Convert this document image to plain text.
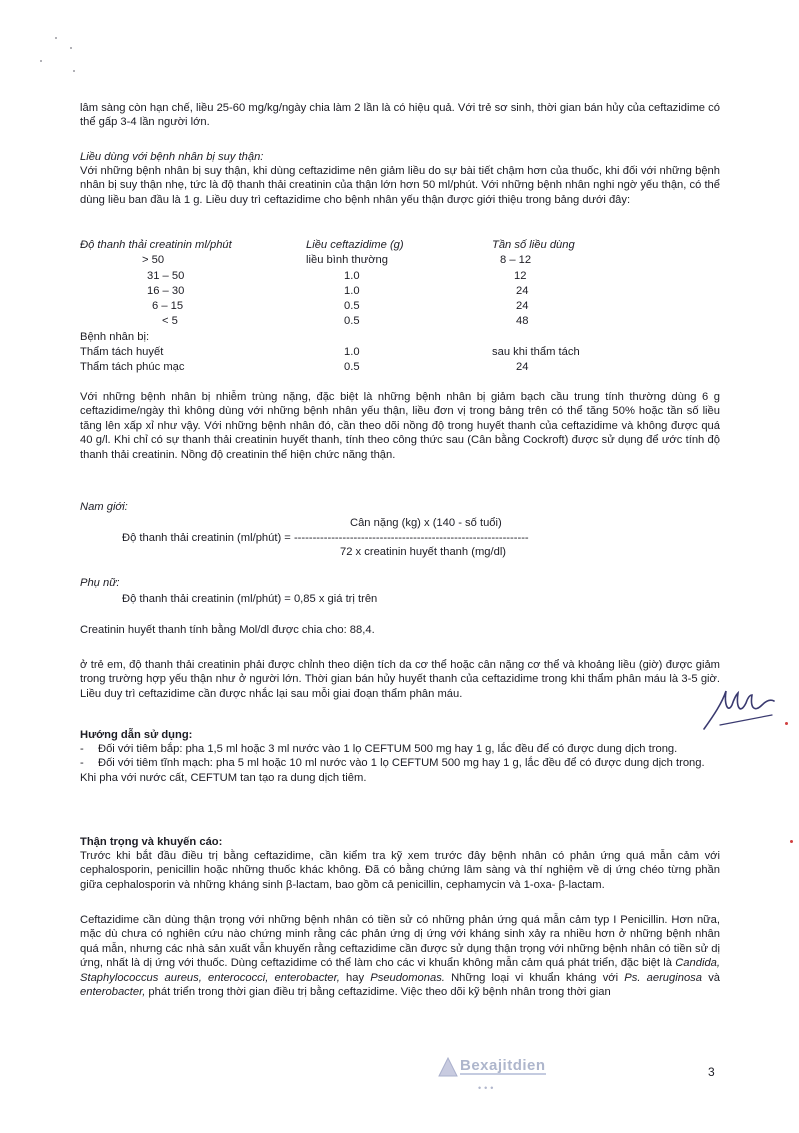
lâm sàng còn hạn chế, liều 25-60 mg/kg/ngày chia làm 2 lần là có hiệu quả. Với trẻ sơ sinh, thời gian bán hủy của ceftazidime có thể gấp 3-4 lần người lớn.

Liều dùng với bệnh nhân bị suy thận:

Với những bệnh nhân bị suy thận, khi dùng ceftazidime nên giảm liều do sự bài tiết chậm hơn của thuốc, khi đối với những bệnh nhân bị suy thận nhẹ, tức là độ thanh thải creatinin của thận lớn hơn 50 ml/phút. Với những bệnh nhân nghi ngờ yếu thận, có thể dùng liều ban đầu là 1 g. Liều duy trì ceftazidime cho bệnh nhân yếu thận được giới thiệu trong bảng dưới đây:

Độ thanh thải creatinin ml/phút	Liều ceftazidime (g)	Tần số liều dùng
> 50	liều bình thường	8 – 12
31 – 50	1.0	12
16 – 30	1.0	24
6 – 15	0.5	24
< 5	0.5	48
Bệnh nhân bị:
Thẩm tách huyết	1.0	sau khi thẩm tách
Thẩm tách phúc mạc	0.5	24

Với những bệnh nhân bị nhiễm trùng nặng, đặc biệt là những bệnh nhân bị giảm bạch cầu trung tính thường dùng 6 g ceftazidime/ngày thì không dùng với những bệnh nhân yếu thận, liều đơn vị trong bảng trên có thể tăng 50% hoặc tần số liều tăng lên xấp xỉ như vậy. Với những bệnh nhân đó, cần theo dõi nồng độ trong huyết thanh của ceftazidime và không được quá 40 g/l. Khi chỉ có sự thanh thải creatinin huyết thanh, tính theo công thức sau (Cân bằng Cockroft) được sử dụng để ước tính độ thanh thải creatinin. Nồng độ creatinin thể hiện chức năng thận.

Nam giới:

Cân nặng (kg) x (140 - số tuổi)
Độ thanh thải creatinin (ml/phút) = ---------------------------------------------------------------
72 x creatinin huyết thanh (mg/dl)

Phụ nữ:

Độ thanh thải creatinin (ml/phút) = 0,85 x giá trị trên

Creatinin huyết thanh tính bằng Mol/dl được chia cho: 88,4.

ở trẻ em, độ thanh thải creatinin phải được chỉnh theo diện tích da cơ thể hoặc cân nặng cơ thể và khoảng liều (giờ) được giảm trong trường hợp yếu thận như ở người lớn. Thời gian bán hủy huyết thanh của ceftazidime trong khi thẩm phân máu là 3-5 giờ. Liều duy trì ceftazidime cần được nhắc lại sau mỗi giai đoạn thẩm phân máu.

Hướng dẫn sử dụng:

- Đối với tiêm bắp: pha 1,5 ml hoặc 3 ml nước vào 1 lọ CEFTUM 500 mg hay 1 g, lắc đều để có được dung dịch trong.
- Đối với tiêm tĩnh mạch: pha 5 ml hoặc 10 ml nước vào 1 lọ CEFTUM 500 mg hay 1 g, lắc đều để có được dung dịch trong.

Khi pha với nước cất, CEFTUM tan tạo ra dung dịch tiêm.

Thận trọng và khuyến cáo:

Trước khi bắt đầu điều trị bằng ceftazidime, cần kiểm tra kỹ xem trước đây bệnh nhân có phản ứng quá mẫn cảm với cephalosporin, penicillin hoặc những thuốc khác không. Đã có bằng chứng lâm sàng và thí nghiệm về dị ứng chéo từng phần giữa cephalosporin và những kháng sinh β-lactam, bao gồm cả penicillin, cephamycin và 1-oxa- β-lactam.

Ceftazidime cần dùng thận trọng với những bệnh nhân có tiền sử có những phản ứng quá mẫn cảm typ I Penicillin. Hơn nữa, mặc dù chưa có nghiên cứu nào chứng minh rằng các phản ứng dị ứng với kháng sinh xảy ra nhiều hơn ở những bệnh nhân quá mẫn, nhưng các nhà sản xuất vẫn khuyến rằng ceftazidime cần được sử dụng thận trọng với những bệnh nhân có tiền sử dị ứng, nhất là dị ứng với thuốc. Dùng ceftazidime có thể làm cho các vi khuẩn không mẫn cảm quá phát triển, đặc biệt là Candida, Staphylococcus aureus, enterococci, enterobacter, hay Pseudomonas. Những loại vi khuẩn kháng với Ps. aeruginosa và enterobacter, phát triển trong thời gian điều trị bằng ceftazidime. Việc theo dõi kỹ bệnh nhân trong thời gian

Bexajitdien
•••
3
